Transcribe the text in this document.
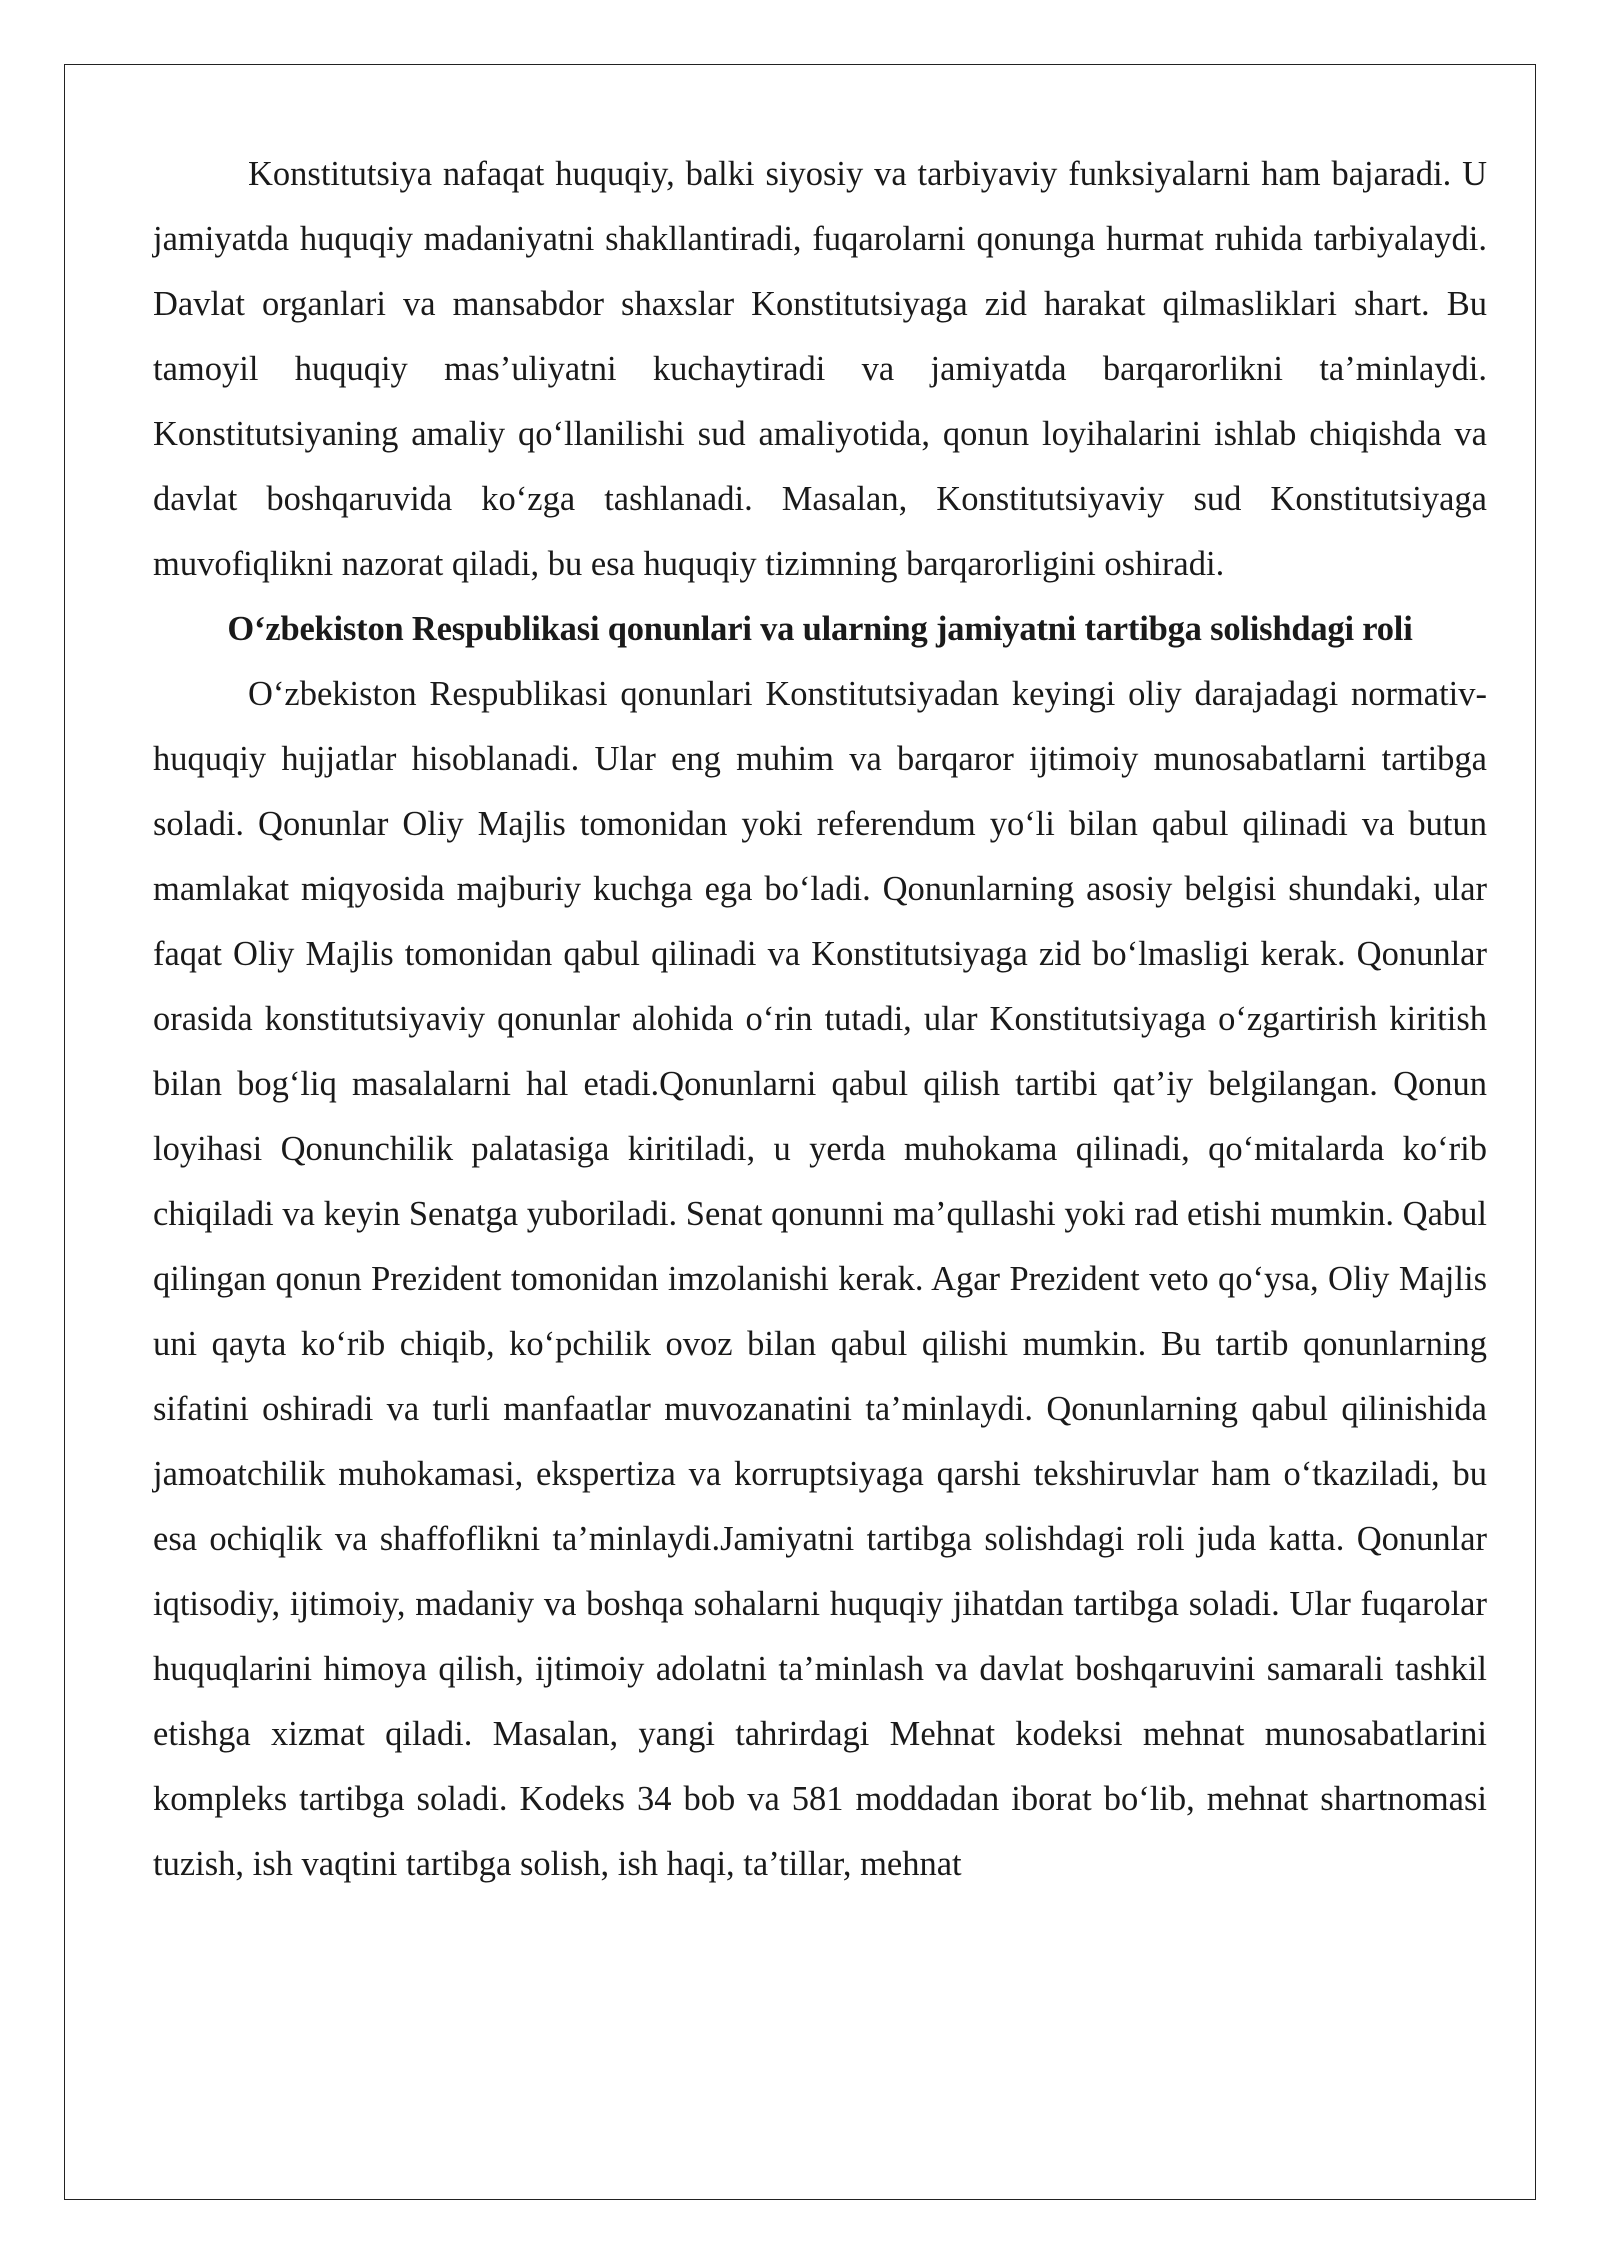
Konstitutsiya nafaqat huquqiy, balki siyosiy va tarbiyaviy funksiyalarni ham bajaradi. U jamiyatda huquqiy madaniyatni shakllantiradi, fuqarolarni qonunga hurmat ruhida tarbiyalaydi. Davlat organlari va mansabdor shaxslar Konstitutsiyaga zid harakat qilmasliklari shart. Bu tamoyil huquqiy mas’uliyatni kuchaytiradi va jamiyatda barqarorlikni ta’minlaydi. Konstitutsiyaning amaliy qo‘llanilishi sud amaliyotida, qonun loyihalarini ishlab chiqishda va davlat boshqaruvida ko‘zga tashlanadi. Masalan, Konstitutsiyaviy sud Konstitutsiyaga muvofiqlikni nazorat qiladi, bu esa huquqiy tizimning barqarorligini oshiradi.

O‘zbekiston Respublikasi qonunlari va ularning jamiyatni tartibga solishdagi roli

O‘zbekiston Respublikasi qonunlari Konstitutsiyadan keyingi oliy darajadagi normativ-huquqiy hujjatlar hisoblanadi. Ular eng muhim va barqaror ijtimoiy munosabatlarni tartibga soladi. Qonunlar Oliy Majlis tomonidan yoki referendum yo‘li bilan qabul qilinadi va butun mamlakat miqyosida majburiy kuchga ega bo‘ladi. Qonunlarning asosiy belgisi shundaki, ular faqat Oliy Majlis tomonidan qabul qilinadi va Konstitutsiyaga zid bo‘lmasligi kerak. Qonunlar orasida konstitutsiyaviy qonunlar alohida o‘rin tutadi, ular Konstitutsiyaga o‘zgartirish kiritish bilan bog‘liq masalalarni hal etadi.Qonunlarni qabul qilish tartibi qat’iy belgilangan. Qonun loyihasi Qonunchilik palatasiga kiritiladi, u yerda muhokama qilinadi, qo‘mitalarda ko‘rib chiqiladi va keyin Senatga yuboriladi. Senat qonunni ma’qullashi yoki rad etishi mumkin. Qabul qilingan qonun Prezident tomonidan imzolanishi kerak. Agar Prezident veto qo‘ysa, Oliy Majlis uni qayta ko‘rib chiqib, ko‘pchilik ovoz bilan qabul qilishi mumkin. Bu tartib qonunlarning sifatini oshiradi va turli manfaatlar muvozanatini ta’minlaydi. Qonunlarning qabul qilinishida jamoatchilik muhokamasi, ekspertiza va korruptsiyaga qarshi tekshiruvlar ham o‘tkaziladi, bu esa ochiqlik va shaffoflikni ta’minlaydi.Jamiyatni tartibga solishdagi roli juda katta. Qonunlar iqtisodiy, ijtimoiy, madaniy va boshqa sohalarni huquqiy jihatdan tartibga soladi. Ular fuqarolar huquqlarini himoya qilish, ijtimoiy adolatni ta’minlash va davlat boshqaruvini samarali tashkil etishga xizmat qiladi. Masalan, yangi tahrirdagi Mehnat kodeksi mehnat munosabatlarini kompleks tartibga soladi. Kodeks 34 bob va 581 moddadan iborat bo‘lib, mehnat shartnomasi tuzish, ish vaqtini tartibga solish, ish haqi, ta’tillar, mehnat
